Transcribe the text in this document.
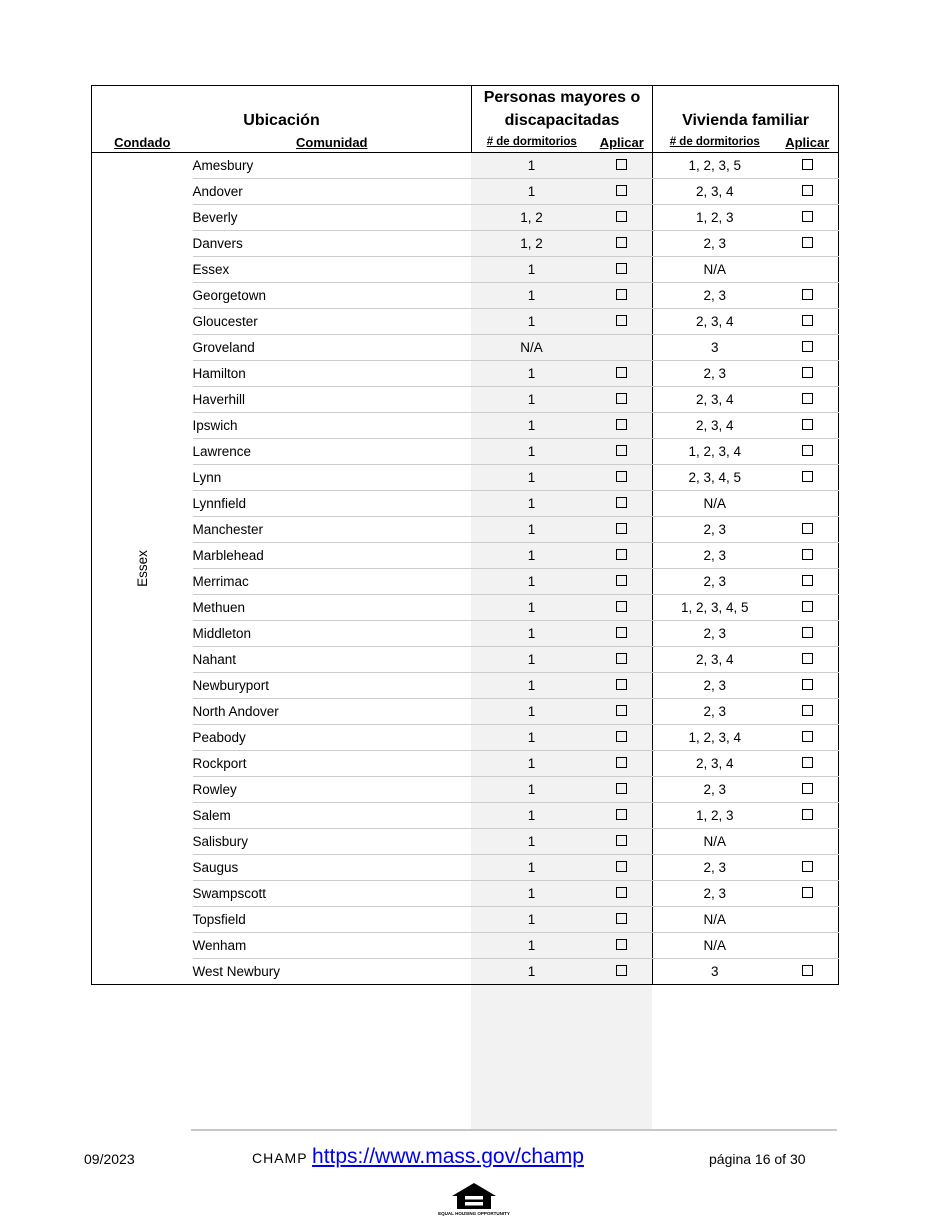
Ubicación		Personas mayores o discapacitadas		Vivienda familiar	
Condado	Comunidad	# de dormitorios	Aplicar	# de dormitorios	Aplicar
Essex	Amesbury	1		1, 2, 3, 5	
	Andover	1		2, 3, 4	
	Beverly	1, 2		1, 2, 3	
	Danvers	1, 2		2, 3	
	Essex	1		N/A	
	Georgetown	1		2, 3	
	Gloucester	1		2, 3, 4	
	Groveland	N/A		3	
	Hamilton	1		2, 3	
	Haverhill	1		2, 3, 4	
	Ipswich	1		2, 3, 4	
	Lawrence	1		1, 2, 3, 4	
	Lynn	1		2, 3, 4, 5	
	Lynnfield	1		N/A	
	Manchester	1		2, 3	
	Marblehead	1		2, 3	
	Merrimac	1		2, 3	
	Methuen	1		1, 2, 3, 4, 5	
	Middleton	1		2, 3	
	Nahant	1		2, 3, 4	
	Newburyport	1		2, 3	
	North Andover	1		2, 3	
	Peabody	1		1, 2, 3, 4	
	Rockport	1		2, 3, 4	
	Rowley	1		2, 3	
	Salem	1		1, 2, 3	
	Salisbury	1		N/A	
	Saugus	1		2, 3	
	Swampscott	1		2, 3	
	Topsfield	1		N/A	
	Wenham	1		N/A	
	West Newbury	1		3	
09/2023	CHAMP https://www.mass.gov/champ	página 16 of 30
EQUAL HOUSING OPPORTUNITY
